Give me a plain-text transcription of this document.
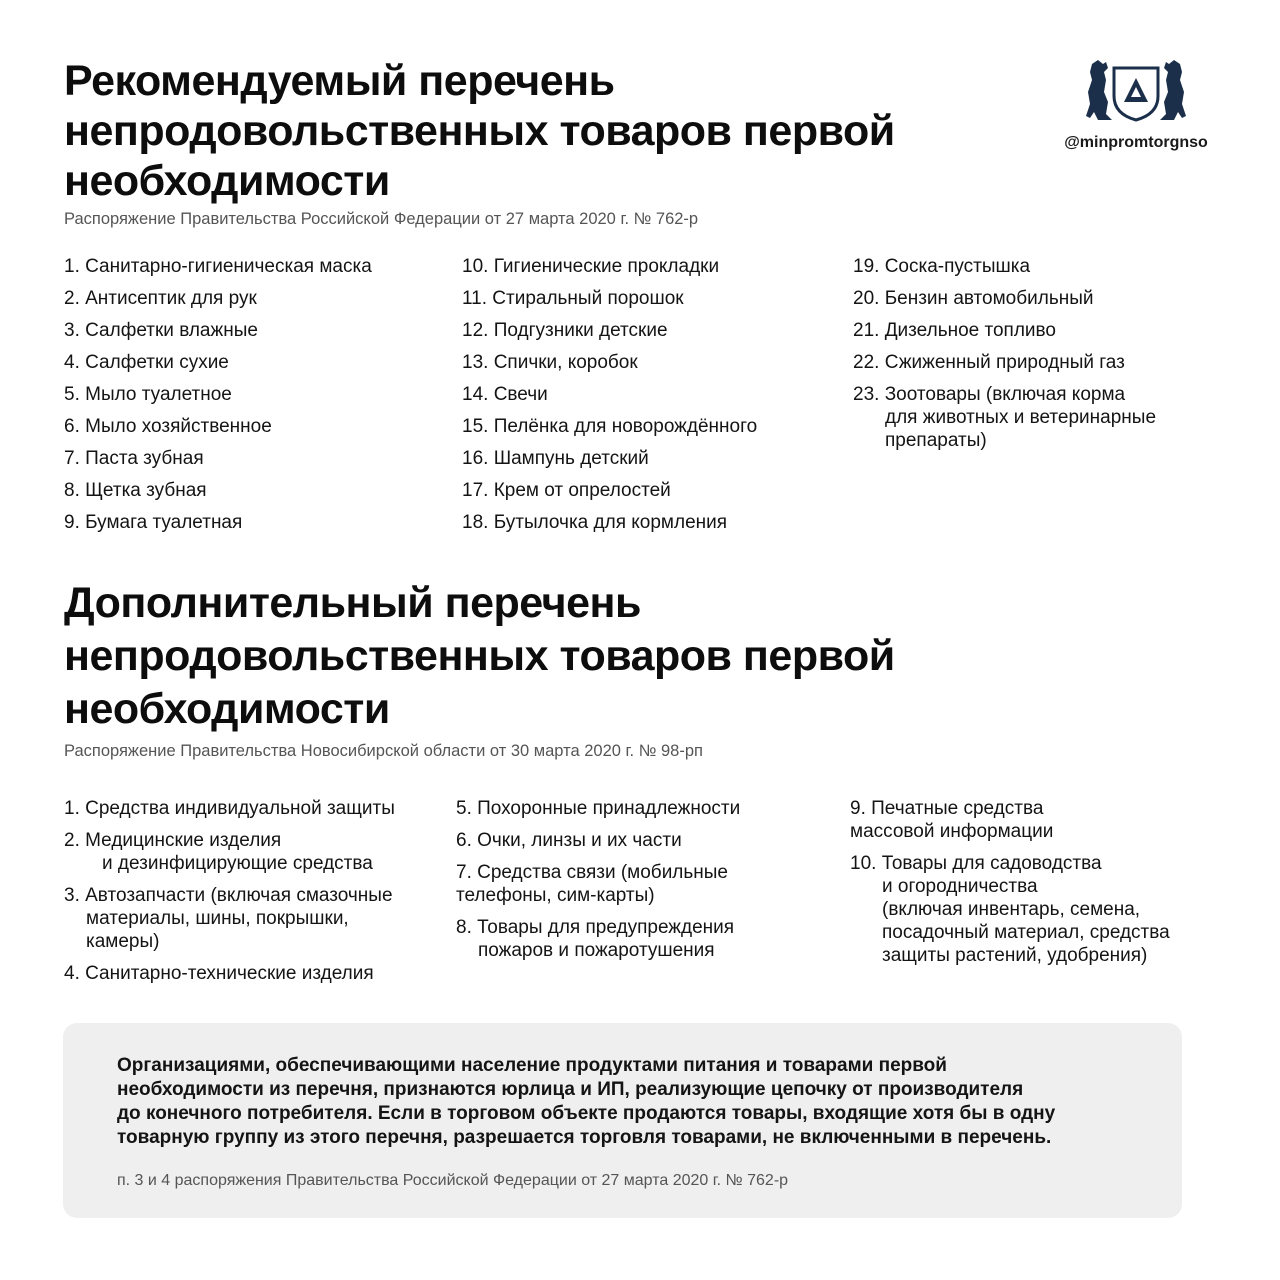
@minpromtorgnso
Рекомендуемый перечень
непродовольственных товаров первой
необходимости
Распоряжение Правительства Российской Федерации от 27 марта 2020 г. № 762-р
1. Санитарно-гигиеническая маска
2. Антисептик для рук
3. Салфетки влажные
4. Салфетки сухие
5. Мыло туалетное
6. Мыло хозяйственное
7. Паста зубная
8. Щетка зубная
9. Бумага туалетная
10. Гигиенические прокладки
11. Стиральный порошок
12. Подгузники детские
13. Спички, коробок
14. Свечи
15. Пелёнка для новорождённого
16. Шампунь детский
17. Крем от опрелостей
18. Бутылочка для кормления
19. Соска-пустышка
20. Бензин автомобильный
21. Дизельное топливо
22. Сжиженный природный газ
23. Зоотовары (включая корма
для животных и ветеринарные
препараты)
Дополнительный перечень
непродовольственных товаров первой
необходимости
Распоряжение Правительства Новосибирской области от 30 марта 2020 г. № 98-рп
1. Средства индивидуальной защиты
2. Медицинские изделия
и дезинфицирующие средства
3. Автозапчасти (включая смазочные
материалы, шины, покрышки,
камеры)
4. Санитарно-технические изделия
5. Похоронные принадлежности
6. Очки, линзы и их части
7. Средства связи (мобильные
телефоны, сим-карты)
8. Товары для предупреждения
пожаров и пожаротушения
9. Печатные средства
массовой информации
10. Товары для садоводства
и огородничества
(включая инвентарь, семена,
посадочный материал, средства
защиты растений, удобрения)
Организациями, обеспечивающими население продуктами питания и товарами первой
необходимости из перечня, признаются юрлица и ИП, реализующие цепочку от производителя
до конечного потребителя. Если в торговом объекте продаются товары, входящие хотя бы в одну
товарную группу из этого перечня, разрешается торговля товарами, не включенными в перечень.
п. 3 и 4 распоряжения Правительства Российской Федерации от 27 марта 2020 г. № 762-р
